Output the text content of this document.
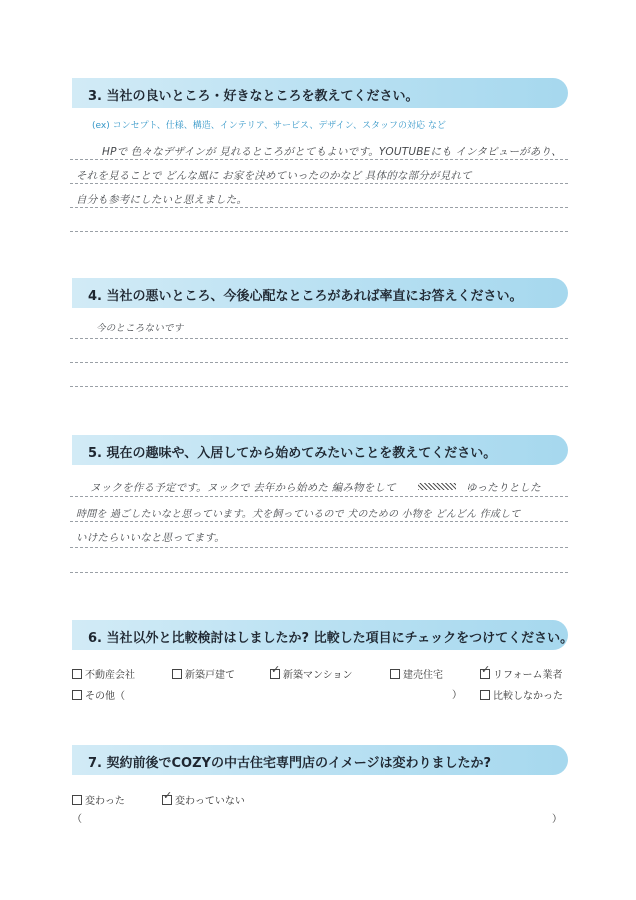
3. 当社の良いところ・好きなところを教えてください。
(ex) コンセプト、仕様、構造、インテリア、サービス、デザイン、スタッフの対応 など
HPで 色々なデザインが 見れるところがとてもよいです。YOUTUBEにも インタビューがあり、
それを見ることで どんな風に お家を決めていったのかなど 具体的な部分が見れて
自分も参考にしたいと思えました。
4. 当社の悪いところ、今後心配なところがあれば率直にお答えください。
今のところないです
5. 現在の趣味や、入居してから始めてみたいことを教えてください。
ヌックを作る予定です。ヌックで 去年から始めた 編み物をして	ゆったりとした
時間を 過ごしたいなと思っています。犬を飼っているので 犬のための 小物を どんどん 作成して
いけたらいいなと思ってます。
6. 当社以外と比較検討はしましたか? 比較した項目にチェックをつけてください。
不動産会社	新築戸建て ✓	新築マンション	建売住宅 ✓	リフォーム業者
その他（	）	比較しなかった
7. 契約前後でCOZYの中古住宅専門店のイメージは変わりましたか?
変わった ✓	変わっていない
（	）
